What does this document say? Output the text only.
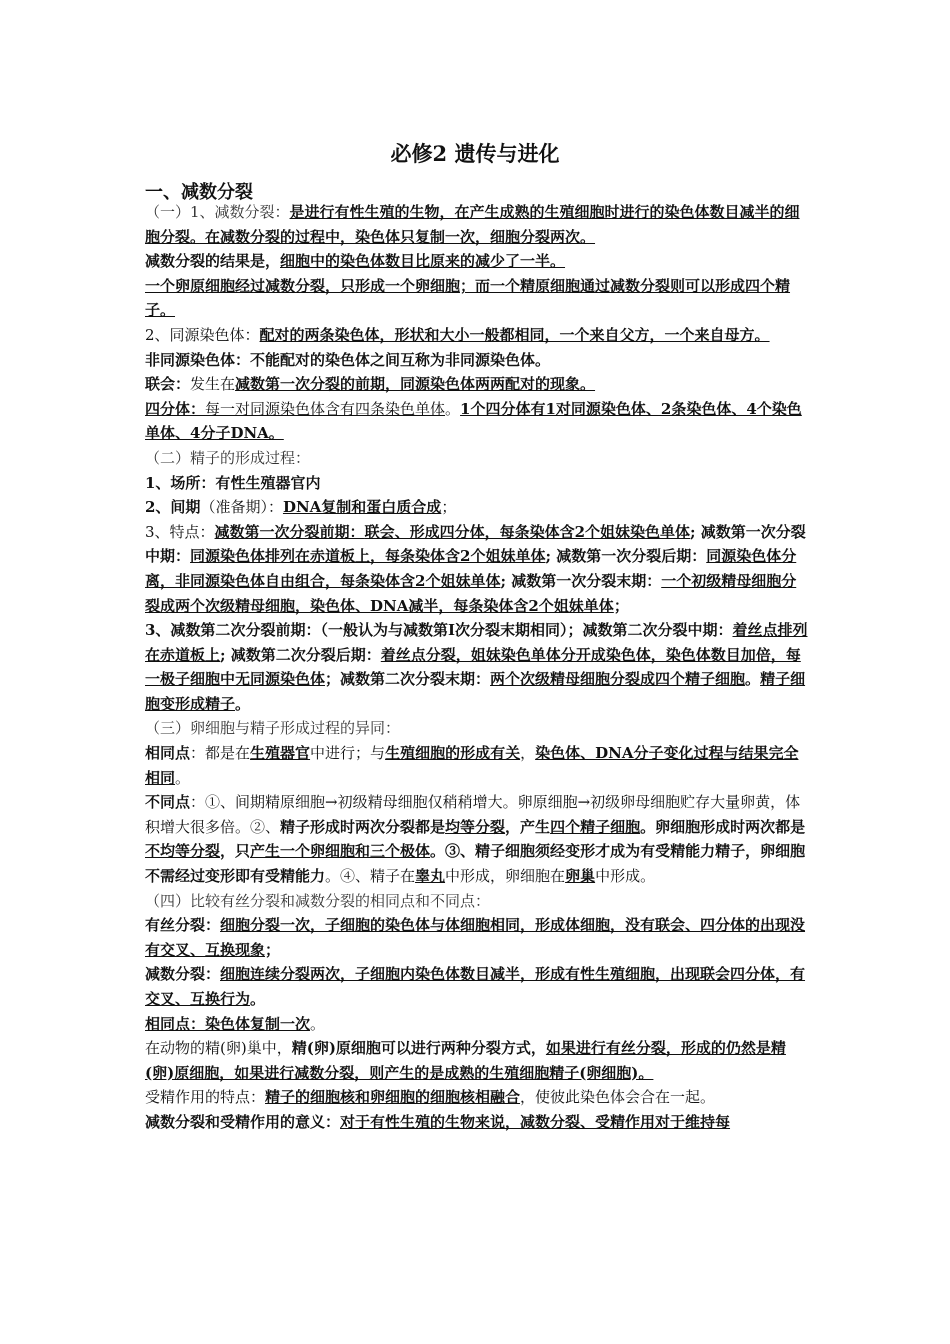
必修2 遗传与进化
一、减数分裂

（一）1、减数分裂：是进行有性生殖的生物，在产生成熟的生殖细胞时进行的染色体数目减半的细胞分裂。在减数分裂的过程中，染色体只复制一次，细胞分裂两次。

减数分裂的结果是，细胞中的染色体数目比原来的减少了一半。

一个卵原细胞经过减数分裂，只形成一个卵细胞；而一个精原细胞通过减数分裂则可以形成四个精子。

2、同源染色体：配对的两条染色体，形状和大小一般都相同，一个来自父方，一个来自母方。

非同源染色体：不能配对的染色体之间互称为非同源染色体。

联会：发生在减数第一次分裂的前期，同源染色体两两配对的现象。

四分体：每一对同源染色体含有四条染色单体。1个四分体有1对同源染色体、2条染色体、4个染色单体、4分子DNA。

（二）精子的形成过程：

1、场所：有性生殖器官内

2、间期（准备期）：DNA复制和蛋白质合成；

3、特点：减数第一次分裂前期：联会、形成四分体，每条染体含2个姐妹染色单体; 减数第一次分裂中期：同源染色体排列在赤道板上，每条染体含2个姐妹单体; 减数第一次分裂后期：同源染色体分离，非同源染色体自由组合，每条染体含2个姐妹单体; 减数第一次分裂末期：一个初级精母细胞分裂成两个次级精母细胞，染色体、DNA减半，每条染体含2个姐妹单体；

3、减数第二次分裂前期：（一般认为与减数第Ⅰ次分裂末期相同）；减数第二次分裂中期：着丝点排列在赤道板上; 减数第二次分裂后期：着丝点分裂，姐妹染色单体分开成染色体，染色体数目加倍，每一极子细胞中无同源染色体；减数第二次分裂末期：两个次级精母细胞分裂成四个精子细胞。精子细胞变形成精子。

（三）卵细胞与精子形成过程的异同：

相同点：都是在生殖器官中进行；与生殖细胞的形成有关，染色体、DNA分子变化过程与结果完全相同。

不同点：①、间期精原细胞→初级精母细胞仅稍稍增大。卵原细胞→初级卵母细胞贮存大量卵黄，体积增大很多倍。②、精子形成时两次分裂都是均等分裂，产生四个精子细胞。卵细胞形成时两次都是不均等分裂，只产生一个卵细胞和三个极体。③、精子细胞须经变形才成为有受精能力精子，卵细胞不需经过变形即有受精能力。④、精子在睾丸中形成，卵细胞在卵巢中形成。

（四）比较有丝分裂和减数分裂的相同点和不同点：

有丝分裂：细胞分裂一次，子细胞的染色体与体细胞相同，形成体细胞，没有联会、四分体的出现没有交叉、互换现象；

减数分裂：细胞连续分裂两次，子细胞内染色体数目减半，形成有性生殖细胞，出现联会四分体，有交叉、互换行为。

相同点：染色体复制一次。

在动物的精(卵)巢中，精(卵)原细胞可以进行两种分裂方式，如果进行有丝分裂，形成的仍然是精(卵)原细胞，如果进行减数分裂，则产生的是成熟的生殖细胞精子(卵细胞)。

受精作用的特点：精子的细胞核和卵细胞的细胞核相融合，使彼此染色体会合在一起。

减数分裂和受精作用的意义：对于有性生殖的生物来说，减数分裂、受精作用对于维持每
